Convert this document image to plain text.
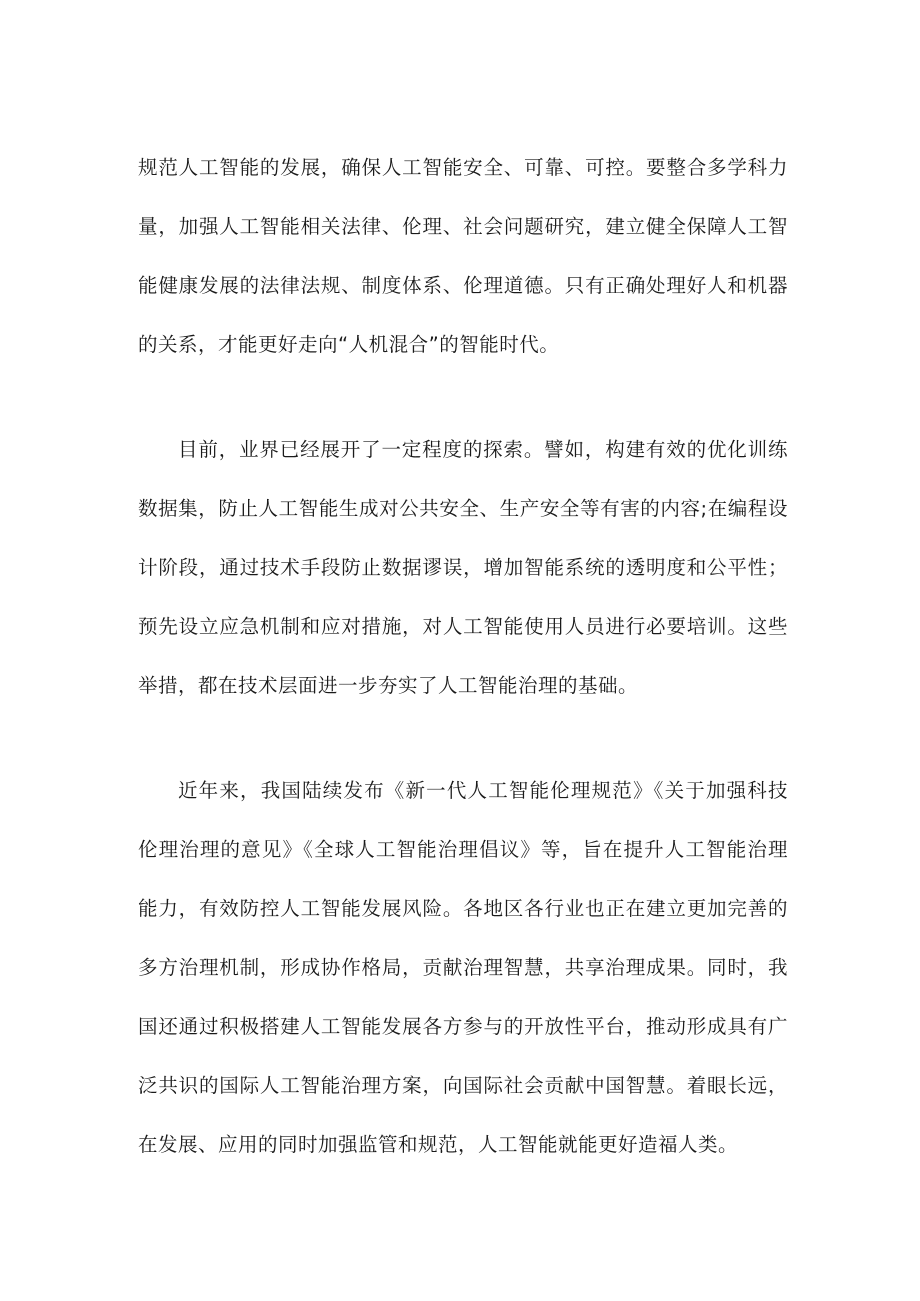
规范人工智能的发展，确保人工智能安全、可靠、可控。要整合多学科力
量，加强人工智能相关法律、伦理、社会问题研究，建立健全保障人工智
能健康发展的法律法规、制度体系、伦理道德。只有正确处理好人和机器
的关系，才能更好走向“人机混合”的智能时代。
目前，业界已经展开了一定程度的探索。譬如，构建有效的优化训练
数据集，防止人工智能生成对公共安全、生产安全等有害的内容;在编程设
计阶段，通过技术手段防止数据谬误，增加智能系统的透明度和公平性；
预先设立应急机制和应对措施，对人工智能使用人员进行必要培训。这些
举措，都在技术层面进一步夯实了人工智能治理的基础。
近年来，我国陆续发布《新一代人工智能伦理规范》《关于加强科技
伦理治理的意见》《全球人工智能治理倡议》等，旨在提升人工智能治理
能力，有效防控人工智能发展风险。各地区各行业也正在建立更加完善的
多方治理机制，形成协作格局，贡献治理智慧，共享治理成果。同时，我
国还通过积极搭建人工智能发展各方参与的开放性平台，推动形成具有广
泛共识的国际人工智能治理方案，向国际社会贡献中国智慧。着眼长远，
在发展、应用的同时加强监管和规范，人工智能就能更好造福人类。
